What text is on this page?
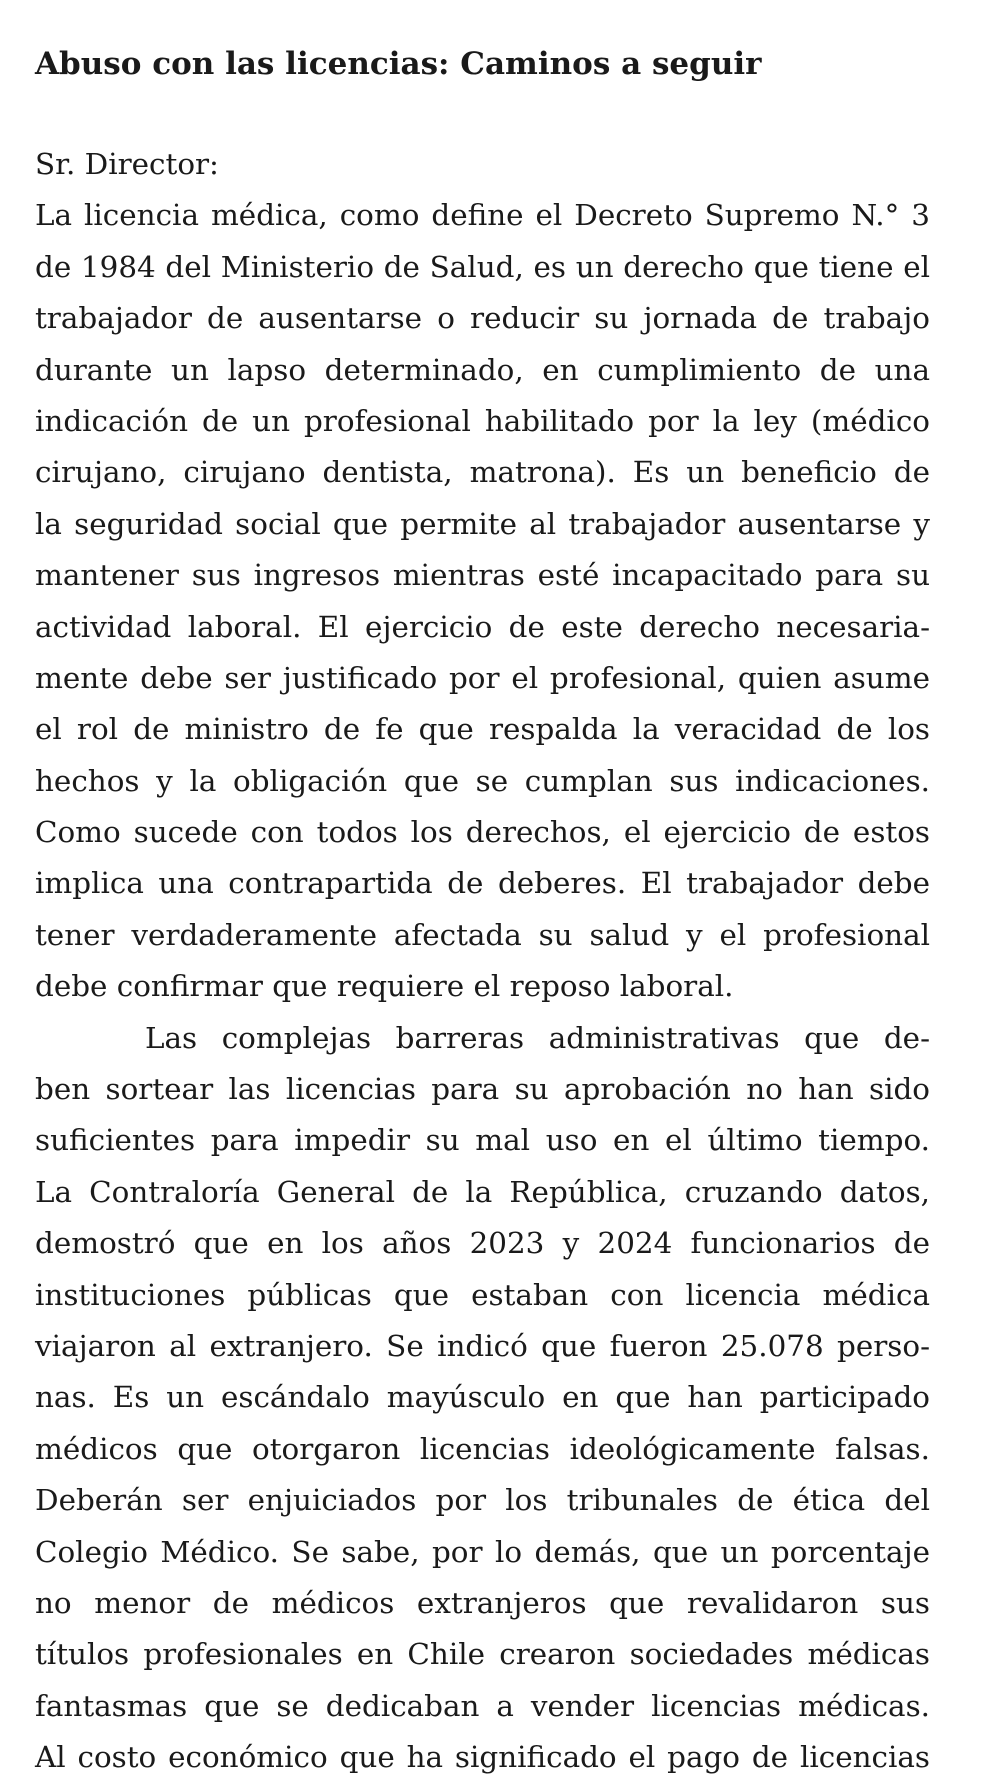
Abuso con las licencias: Caminos a seguir
Sr. Director:
La licencia médica, como define el Decreto Supremo N.° 3
de 1984 del Ministerio de Salud, es un derecho que tiene el
trabajador de ausentarse o reducir su jornada de trabajo
durante un lapso determinado, en cumplimiento de una
indicación de un profesional habilitado por la ley (médico
cirujano, cirujano dentista, matrona). Es un beneficio de
la seguridad social que permite al trabajador ausentarse y
mantener sus ingresos mientras esté incapacitado para su
actividad laboral. El ejercicio de este derecho necesaria-
mente debe ser justificado por el profesional, quien asume
el rol de ministro de fe que respalda la veracidad de los
hechos y la obligación que se cumplan sus indicaciones.
Como sucede con todos los derechos, el ejercicio de estos
implica una contrapartida de deberes. El trabajador debe
tener verdaderamente afectada su salud y el profesional
debe confirmar que requiere el reposo laboral.
Las complejas barreras administrativas que de-
ben sortear las licencias para su aprobación no han sido
suficientes para impedir su mal uso en el último tiempo.
La Contraloría General de la República, cruzando datos,
demostró que en los años 2023 y 2024 funcionarios de
instituciones públicas que estaban con licencia médica
viajaron al extranjero. Se indicó que fueron 25.078 perso-
nas. Es un escándalo mayúsculo en que han participado
médicos que otorgaron licencias ideológicamente falsas.
Deberán ser enjuiciados por los tribunales de ética del
Colegio Médico. Se sabe, por lo demás, que un porcentaje
no menor de médicos extranjeros que revalidaron sus
títulos profesionales en Chile crearon sociedades médicas
fantasmas que se dedicaban a vender licencias médicas.
Al costo económico que ha significado el pago de licencias
